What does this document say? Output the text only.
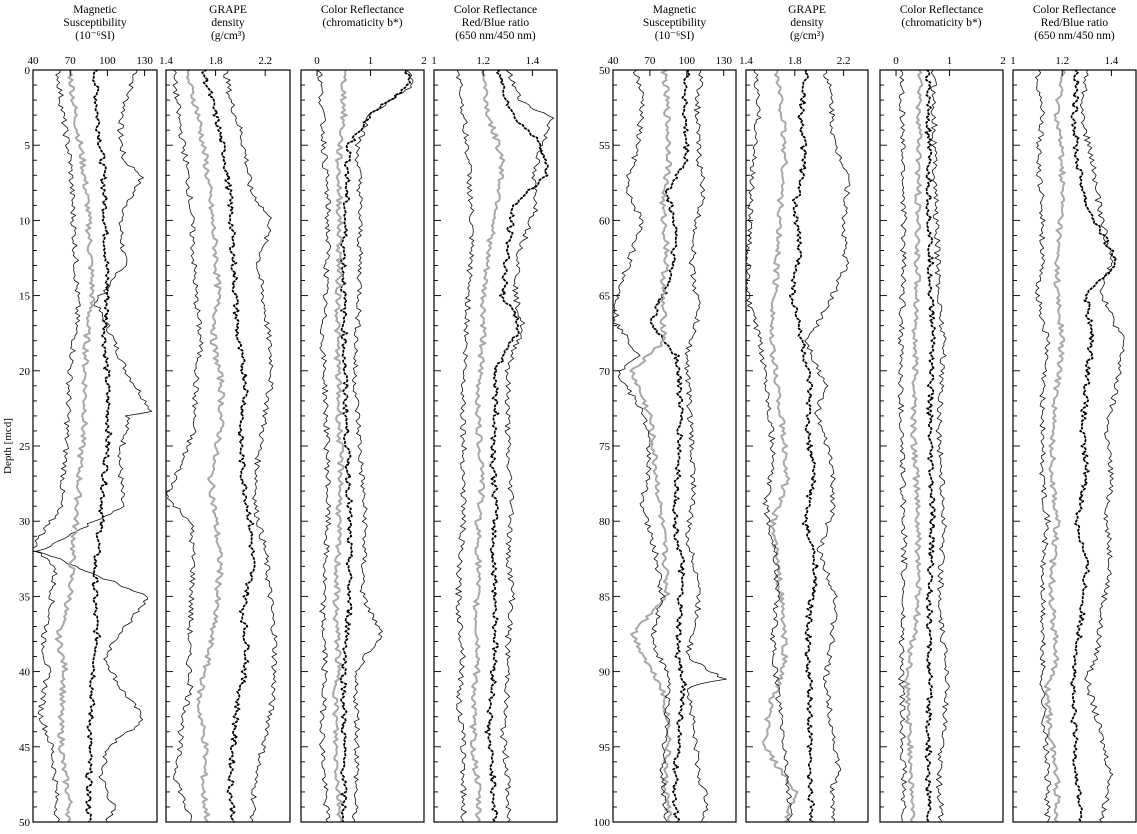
Depth [mcd]
Magnetic
Susceptibility
(10⁻⁶SI)
40 70 100 130
0
5
10
15
20
25
30
35
40
45
50
GRAPE
density
(g/cm³)
1.4	1.8	2.2
Color Reflectance
(chromaticity b*)
0	1	2
Color Reflectance
Red/Blue ratio
(650 nm/450 nm)
1	1.2	1.4
Magnetic
Susceptibility
(10⁻⁶SI)
40 70 100 130
50
55
60
65
70
75
80
85
90
95
100
GRAPE
density
(g/cm³)
1.4	1.8	2.2
Color Reflectance
(chromaticity b*)
0	1	2
Color Reflectance
Red/Blue ratio
(650 nm/450 nm)
1	1.2	1.4
